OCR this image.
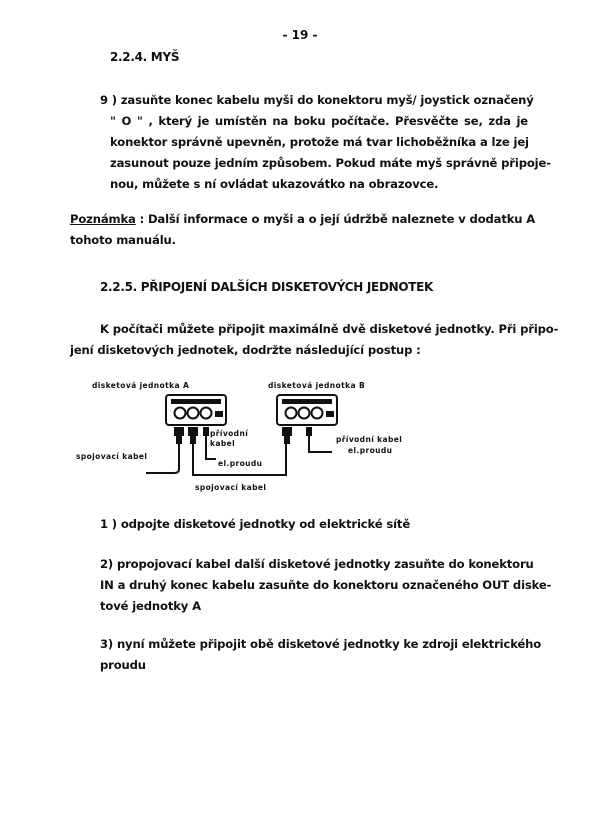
- 19 -
2.2.4. MYŠ
9 ) zasuňte konec kabelu myši do konektoru myš/ joystick označený
" O " , který je umístěn na boku počítače. Přesvěčte se, zda je
konektor správně upevněn, protože má tvar lichoběžníka a lze jej
zasunout pouze jedním způsobem. Pokud máte myš správně připoje-
nou, můžete s ní ovládat ukazovátko na obrazovce.
Poznámka : Další informace o myši a o její údržbě naleznete v dodatku A
tohoto manuálu.
2.2.5. PŘIPOJENÍ DALŠÍCH DISKETOVÝCH JEDNOTEK
K počítači můžete připojit maximálně dvě disketové jednotky. Při připo-
jení disketových jednotek, dodržte následující postup :
disketová jednotka A	disketová jednotka B
přívodní
kabel
el.proudu
přívodní kabel
el.proudu
spojovací kabel
spojovací kabel
1 ) odpojte disketové jednotky od elektrické sítě
2) propojovací kabel další disketové jednotky zasuňte do konektoru
IN a druhý konec kabelu zasuňte do konektoru označeného OUT diske-
tové jednotky A
3) nyní můžete připojit obě disketové jednotky ke zdroji elektrického
proudu
